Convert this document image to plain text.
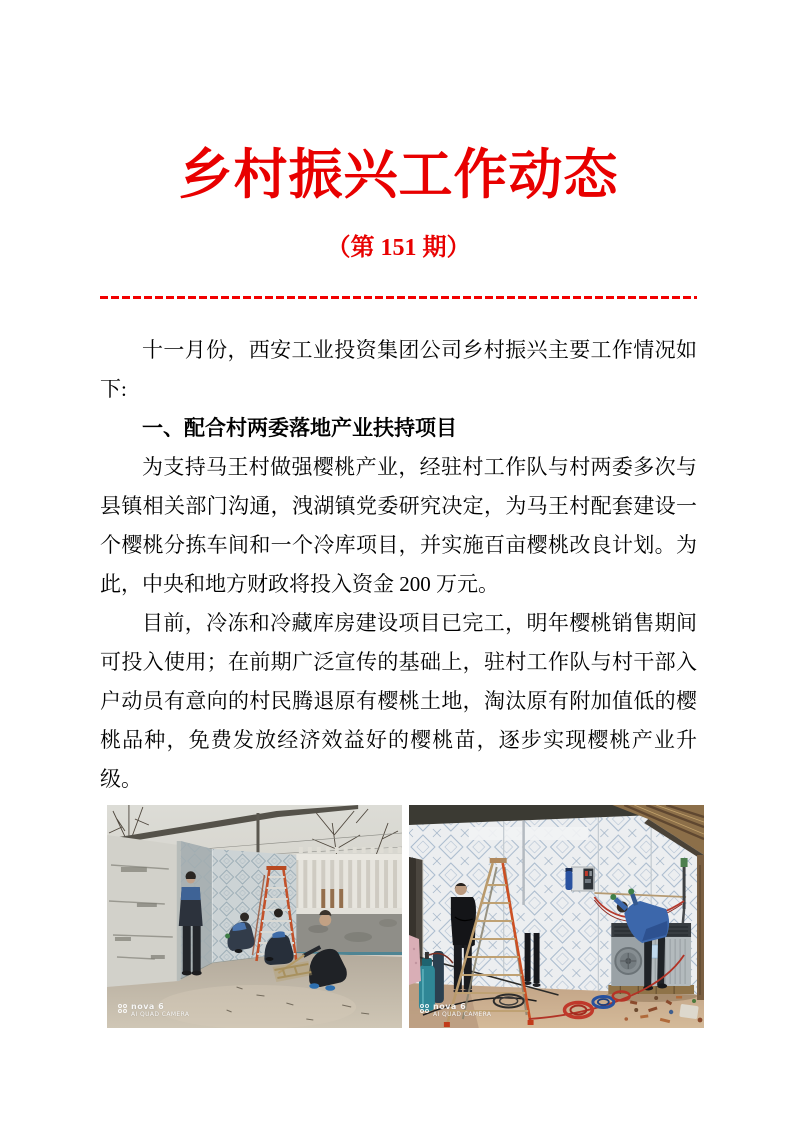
乡村振兴工作动态
（第 151 期）

十一月份，西安工业投资集团公司乡村振兴主要工作情况如下:

一、配合村两委落地产业扶持项目

为支持马王村做强樱桃产业，经驻村工作队与村两委多次与县镇相关部门沟通，洩湖镇党委研究决定，为马王村配套建设一个樱桃分拣车间和一个冷库项目，并实施百亩樱桃改良计划。为此，中央和地方财政将投入资金 200 万元。

目前，冷冻和冷藏库房建设项目已完工，明年樱桃销售期间可投入使用；在前期广泛宣传的基础上，驻村工作队与村干部入户动员有意向的村民腾退原有樱桃土地，淘汰原有附加值低的樱桃品种，免费发放经济效益好的樱桃苗，逐步实现樱桃产业升级。

nova 6
AI QUAD CAMERA
nova 6
AI QUAD CAMERA
